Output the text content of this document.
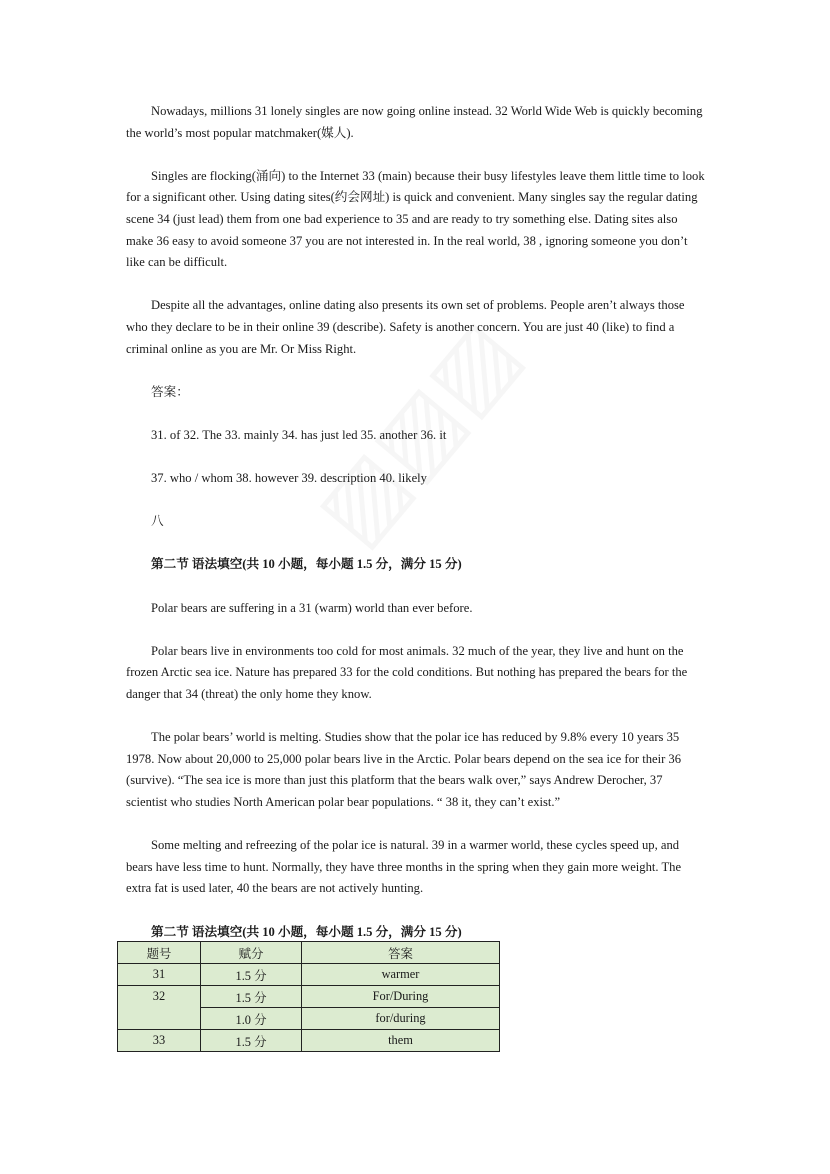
Nowadays, millions 31 lonely singles are now going online instead. 32 World Wide Web is quickly becoming
the world’s most popular matchmaker(媒人).
Singles are flocking(涌向) to the Internet 33 (main) because their busy lifestyles leave them little time to look
for a significant other. Using dating sites(约会网址) is quick and convenient. Many singles say the regular dating
scene 34 (just lead) them from one bad experience to 35 and are ready to try something else. Dating sites also
make 36 easy to avoid someone 37 you are not interested in. In the real world, 38 , ignoring someone you don’t
like can be difficult.
Despite all the advantages, online dating also presents its own set of problems. People aren’t always those
who they declare to be in their online 39 (describe). Safety is another concern. You are just 40 (like) to find a
criminal online as you are Mr. Or Miss Right.
答案：
31. of 32. The 33. mainly 34. has just led 35. another 36. it
37. who / whom 38. however 39. description 40. likely
八
第二节 语法填空(共 10 小题，每小题 1.5 分，满分 15 分)
Polar bears are suffering in a 31 (warm) world than ever before.
Polar bears live in environments too cold for most animals. 32 much of the year, they live and hunt on the
frozen Arctic sea ice. Nature has prepared 33 for the cold conditions. But nothing has prepared the bears for the
danger that 34 (threat) the only home they know.
The polar bears’ world is melting. Studies show that the polar ice has reduced by 9.8% every 10 years 35
1978. Now about 20,000 to 25,000 polar bears live in the Arctic. Polar bears depend on the sea ice for their 36
(survive). “The sea ice is more than just this platform that the bears walk over,” says Andrew Derocher, 37
scientist who studies North American polar bear populations. “ 38 it, they can’t exist.”
Some melting and refreezing of the polar ice is natural. 39 in a warmer world, these cycles speed up, and
bears have less time to hunt. Normally, they have three months in the spring when they gain more weight. The
extra fat is used later, 40 the bears are not actively hunting.
第二节 语法填空(共 10 小题，每小题 1.5 分，满分 15 分)
题号	赋分	答案
31	1.5 分	warmer
32	1.5 分	For/During
	1.0 分	for/during
33	1.5 分	them
